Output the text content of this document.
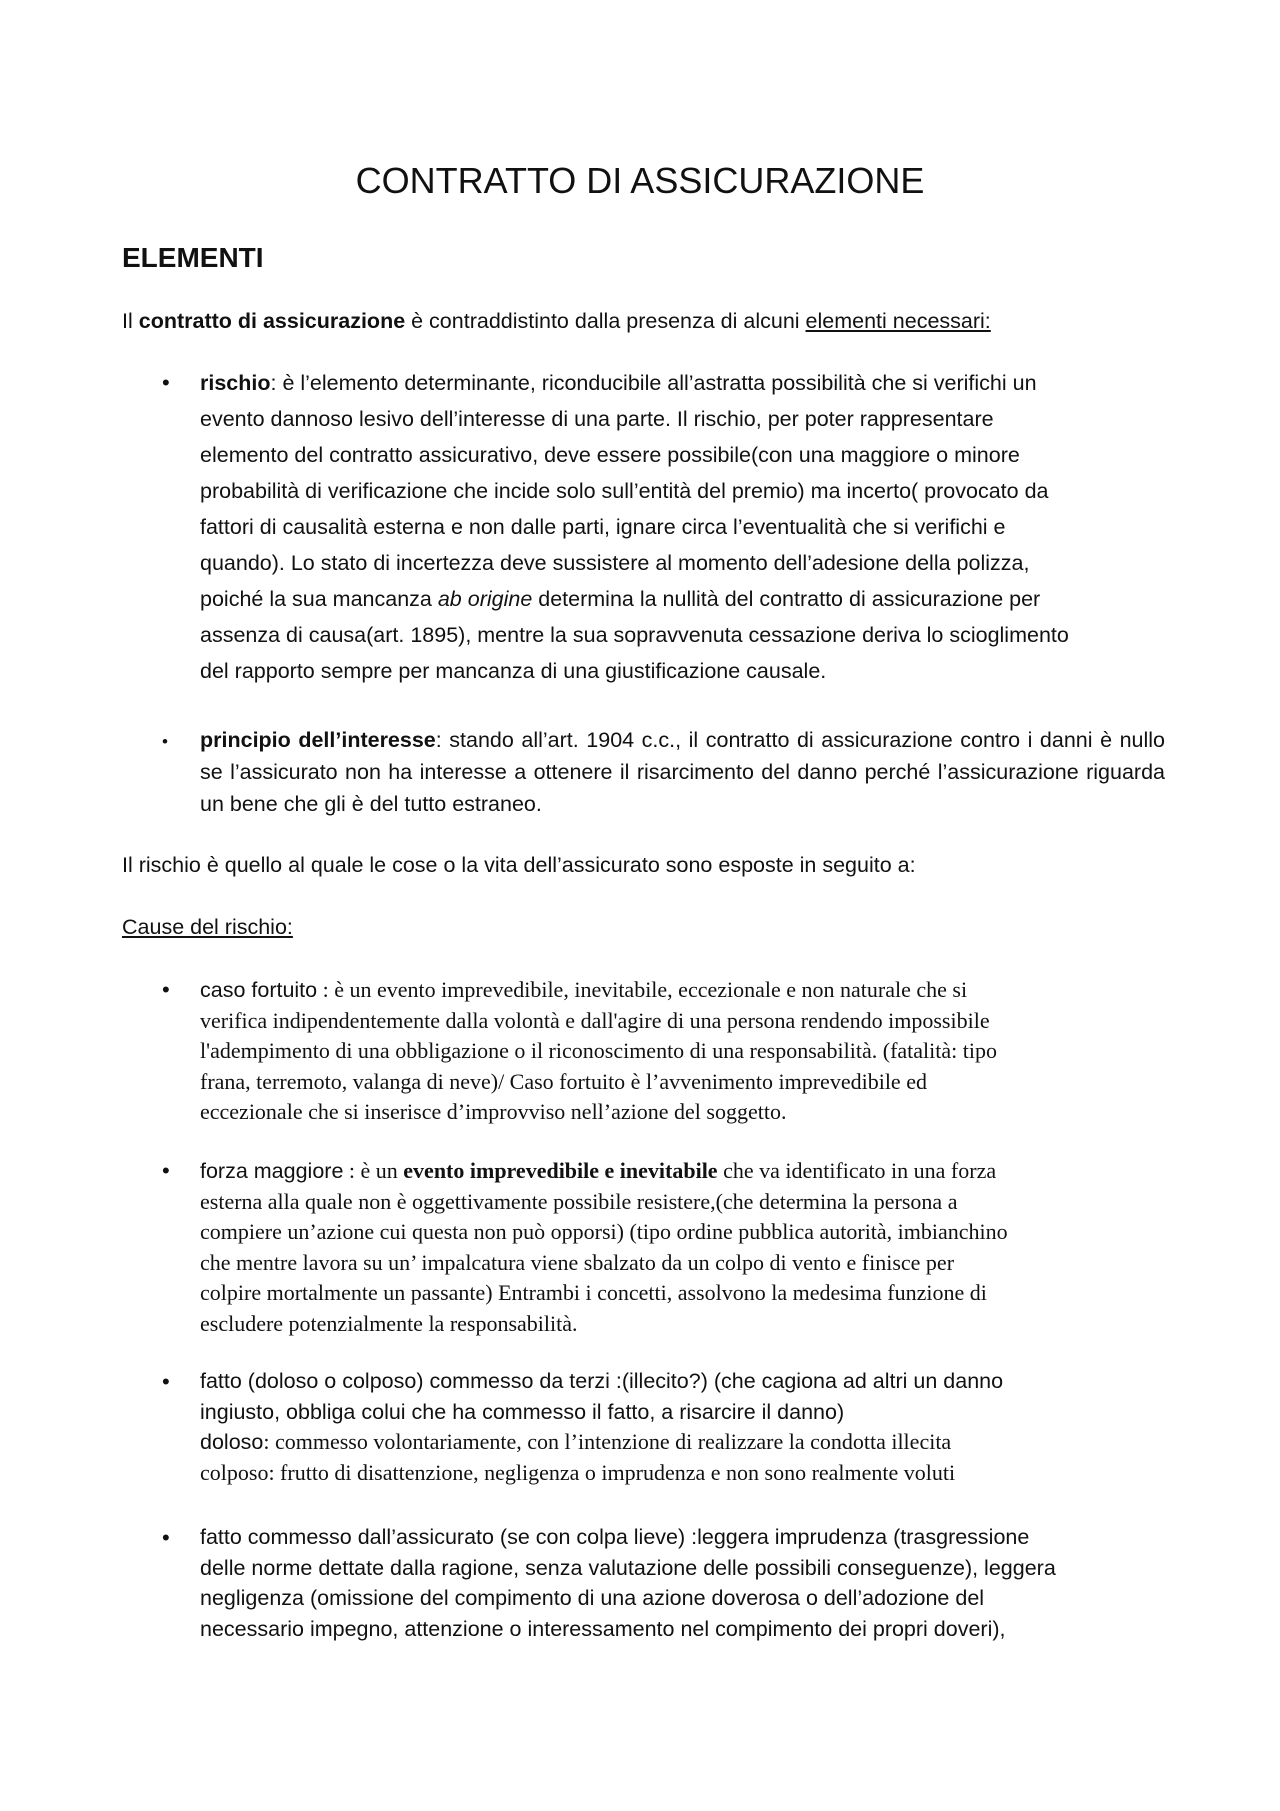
CONTRATTO DI ASSICURAZIONE
ELEMENTI
Il contratto di assicurazione è contraddistinto dalla presenza di alcuni elementi necessari:
• rischio: è l’elemento determinante, riconducibile all’astratta possibilità che si verifichi un
evento dannoso lesivo dell’interesse di una parte. Il rischio, per poter rappresentare
elemento del contratto assicurativo, deve essere possibile(con una maggiore o minore
probabilità di verificazione che incide solo sull’entità del premio) ma incerto( provocato da
fattori di causalità esterna e non dalle parti, ignare circa l’eventualità che si verifichi e
quando). Lo stato di incertezza deve sussistere al momento dell’adesione della polizza,
poiché la sua mancanza ab origine determina la nullità del contratto di assicurazione per
assenza di causa(art. 1895), mentre la sua sopravvenuta cessazione deriva lo scioglimento
del rapporto sempre per mancanza di una giustificazione causale.
• principio dell’interesse: stando all’art. 1904 c.c., il contratto di assicurazione contro i danni è nullo se l’assicurato non ha interesse a ottenere il risarcimento del danno perché l’assicurazione riguarda un bene che gli è del tutto estraneo.
Il rischio è quello al quale le cose o la vita dell’assicurato sono esposte in seguito a:
Cause del rischio:
• caso fortuito : è un evento imprevedibile, inevitabile, eccezionale e non naturale che si
verifica indipendentemente dalla volontà e dall'agire di una persona rendendo impossibile
l'adempimento di una obbligazione o il riconoscimento di una responsabilità. (fatalità: tipo
frana, terremoto, valanga di neve)/ Caso fortuito è l’avvenimento imprevedibile ed
eccezionale che si inserisce d’improvviso nell’azione del soggetto.
• forza maggiore : è un evento imprevedibile e inevitabile che va identificato in una forza
esterna alla quale non è oggettivamente possibile resistere,(che determina la persona a
compiere un’azione cui questa non può opporsi) (tipo ordine pubblica autorità, imbianchino
che mentre lavora su un’ impalcatura viene sbalzato da un colpo di vento e finisce per
colpire mortalmente un passante) Entrambi i concetti, assolvono la medesima funzione di
escludere potenzialmente la responsabilità.
• fatto (doloso o colposo) commesso da terzi :(illecito?) (che cagiona ad altri un danno
ingiusto, obbliga colui che ha commesso il fatto, a risarcire il danno)
doloso: commesso volontariamente, con l’intenzione di realizzare la condotta illecita
colposo: frutto di disattenzione, negligenza o imprudenza e non sono realmente voluti
• fatto commesso dall’assicurato (se con colpa lieve) :leggera imprudenza (trasgressione
delle norme dettate dalla ragione, senza valutazione delle possibili conseguenze), leggera
negligenza (omissione del compimento di una azione doverosa o dell’adozione del
necessario impegno, attenzione o interessamento nel compimento dei propri doveri),
